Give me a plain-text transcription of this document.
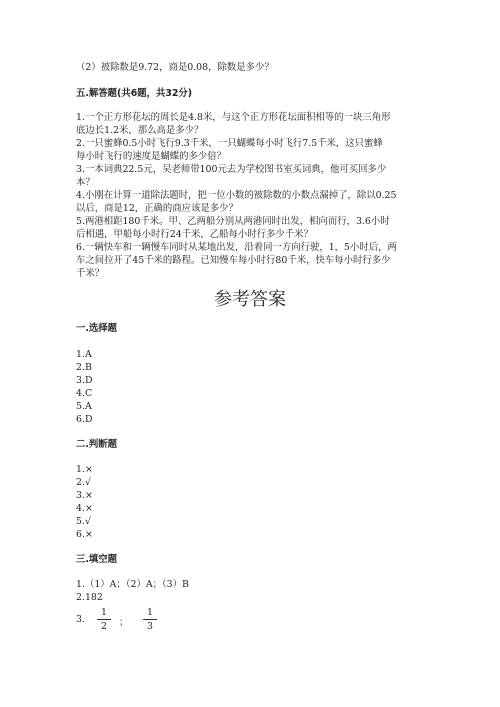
（2）被除数是9.72，商是0.08，除数是多少？
五.解答题(共6题，共32分)
1.一个正方形花坛的周长是4.8米，与这个正方形花坛面积相等的一块三角形
底边长1.2米，那么高是多少？
2.一只蜜蜂0.5小时飞行9.3千米，一只蝴蝶每小时飞行7.5千米，这只蜜蜂
每小时飞行的速度是蝴蝶的多少倍？
3.一本词典22.5元，吴老师带100元去为学校图书室买词典，他可买回多少
本？
4.小刚在计算一道除法题时，把一位小数的被除数的小数点漏掉了，除以0.25
以后，商是12，正确的商应该是多少？
5.两港相距180千米。甲、乙两船分别从两港同时出发，相向而行，3.6小时
后相遇，甲船每小时行24千米，乙船每小时行多少千米？
6.一辆快车和一辆慢车同时从某地出发，沿着同一方向行驶，1，5小时后，两
车之间拉开了45千米的路程。已知慢车每小时行80千米，快车每小时行多少
千米？
参考答案
一.选择题
1.A
2.B
3.D
4.C
5.A
6.D
二.判断题
1.×
2.√
3.×
4.×
5.√
6.×
三.填空题
1.（1）A；（2）A；（3）B
2.182
3.
1
2	；
1
3
